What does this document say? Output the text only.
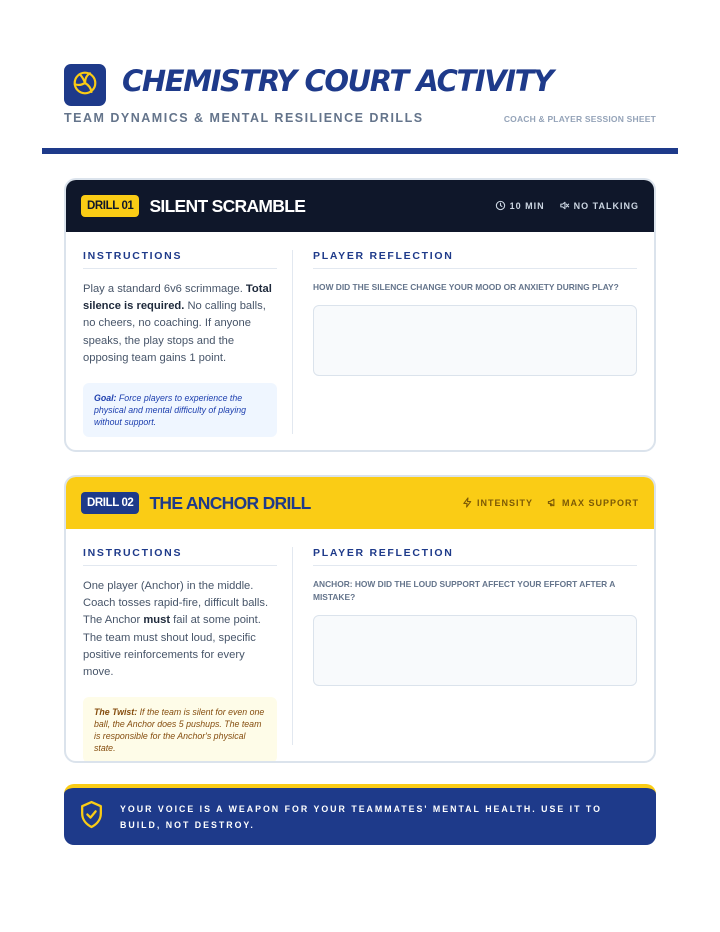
CHEMISTRY COURT ACTIVITY
TEAM DYNAMICS & MENTAL RESILIENCE DRILLS	COACH & PLAYER SESSION SHEET
DRILL 01 SILENT SCRAMBLE	10 MIN	NO TALKING
INSTRUCTIONS

Play a standard 6v6 scrimmage. Total silence is required. No calling balls, no cheers, no coaching. If anyone speaks, the play stops and the opposing team gains 1 point.

Goal: Force players to experience the physical and mental difficulty of playing without support.
PLAYER REFLECTION
HOW DID THE SILENCE CHANGE YOUR MOOD OR ANXIETY DURING PLAY?
DRILL 02 THE ANCHOR DRILL	INTENSITY	MAX SUPPORT
INSTRUCTIONS

One player (Anchor) in the middle. Coach tosses rapid-fire, difficult balls. The Anchor must fail at some point. The team must shout loud, specific positive reinforcements for every move.

The Twist: If the team is silent for even one ball, the Anchor does 5 pushups. The team is responsible for the Anchor's physical state.
PLAYER REFLECTION
ANCHOR: HOW DID THE LOUD SUPPORT AFFECT YOUR EFFORT AFTER A MISTAKE?
YOUR VOICE IS A WEAPON FOR YOUR TEAMMATES' MENTAL HEALTH. USE IT TO BUILD, NOT DESTROY.
